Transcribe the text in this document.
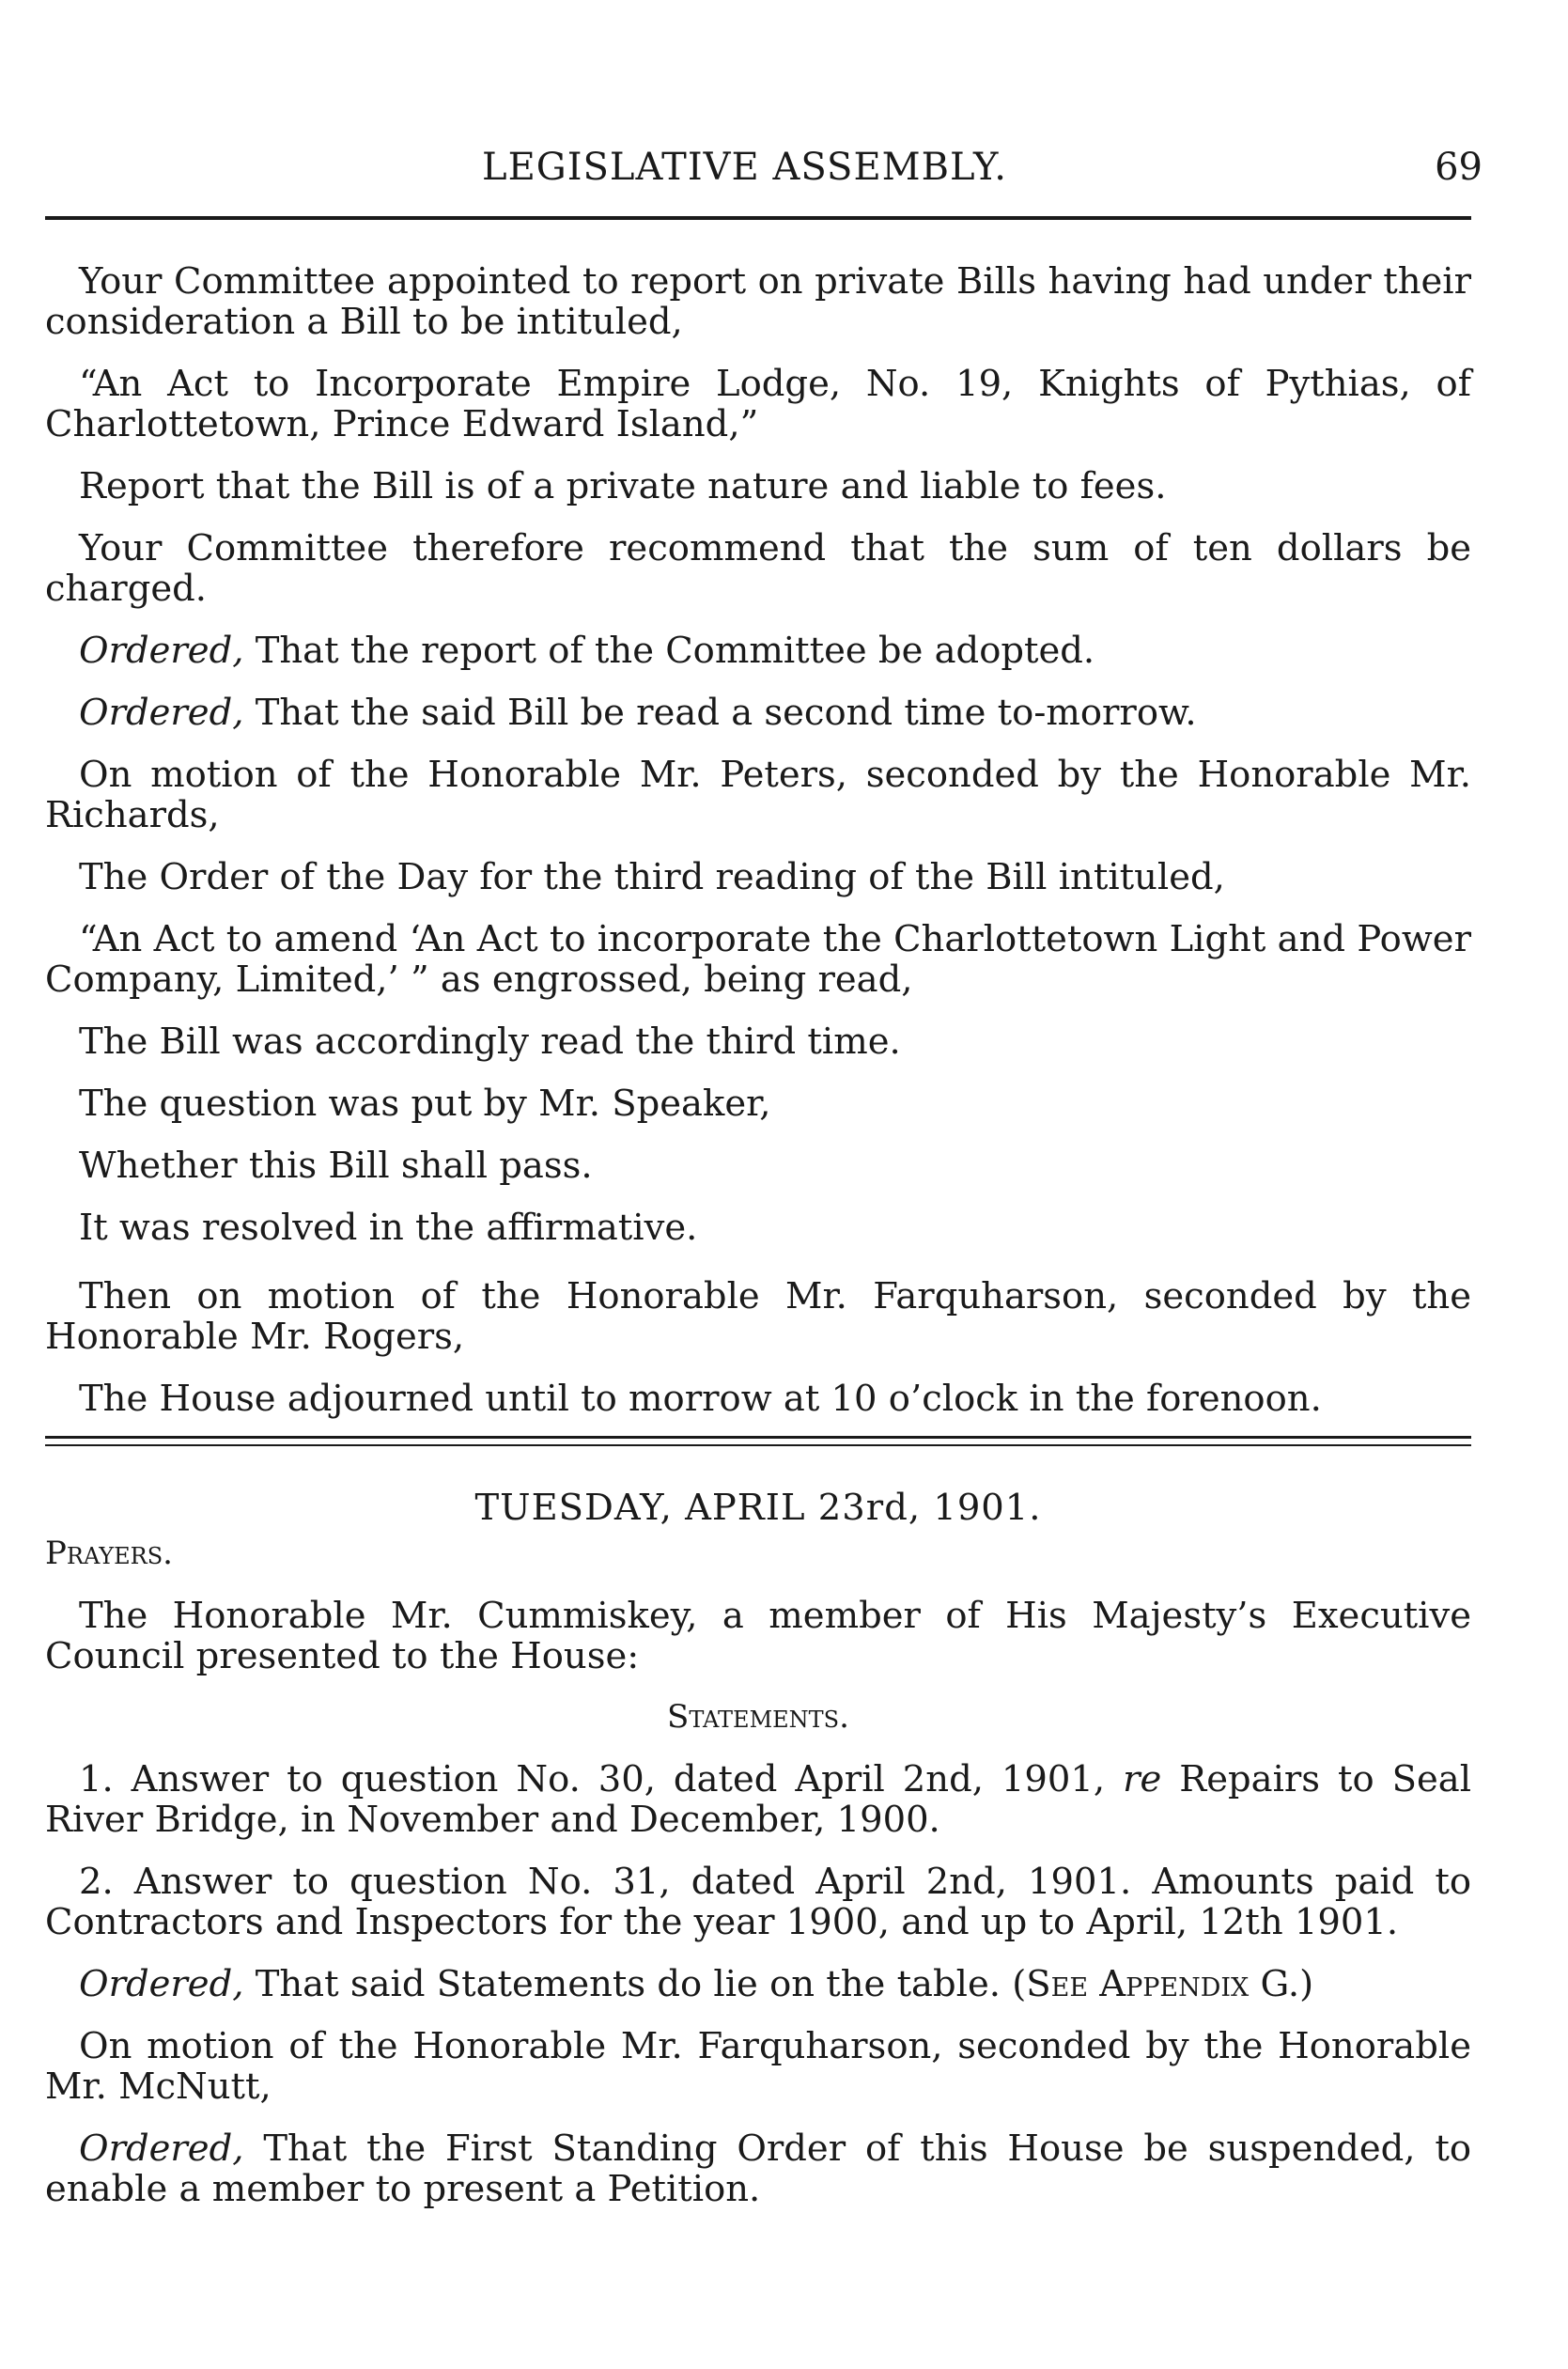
LEGISLATIVE ASSEMBLY.	69

Your Committee appointed to report on private Bills having had under their consideration a Bill to be intituled,

“An Act to Incorporate Empire Lodge, No. 19, Knights of Pythias, of Charlottetown, Prince Edward Island,”

Report that the Bill is of a private nature and liable to fees.

Your Committee therefore recommend that the sum of ten dollars be charged.

Ordered, That the report of the Committee be adopted.

Ordered, That the said Bill be read a second time to-morrow.

On motion of the Honorable Mr. Peters, seconded by the Honorable Mr. Richards,

The Order of the Day for the third reading of the Bill intituled,

“An Act to amend ‘An Act to incorporate the Charlottetown Light and Power Company, Limited,’ ” as engrossed, being read,

The Bill was accordingly read the third time.

The question was put by Mr. Speaker,

Whether this Bill shall pass.

It was resolved in the affirmative.

Then on motion of the Honorable Mr. Farquharson, seconded by the Honorable Mr. Rogers,

The House adjourned until to morrow at 10 o’clock in the forenoon.

TUESDAY, APRIL 23rd, 1901.
Prayers.

The Honorable Mr. Cummiskey, a member of His Majesty’s Executive Council presented to the House:

Statements.

1. Answer to question No. 30, dated April 2nd, 1901, re Repairs to Seal River Bridge, in November and December, 1900.

2. Answer to question No. 31, dated April 2nd, 1901. Amounts paid to Contractors and Inspectors for the year 1900, and up to April, 12th 1901.

Ordered, That said Statements do lie on the table. (See Appendix G.)

On motion of the Honorable Mr. Farquharson, seconded by the Honorable Mr. McNutt,

Ordered, That the First Standing Order of this House be suspended, to enable a member to present a Petition.
